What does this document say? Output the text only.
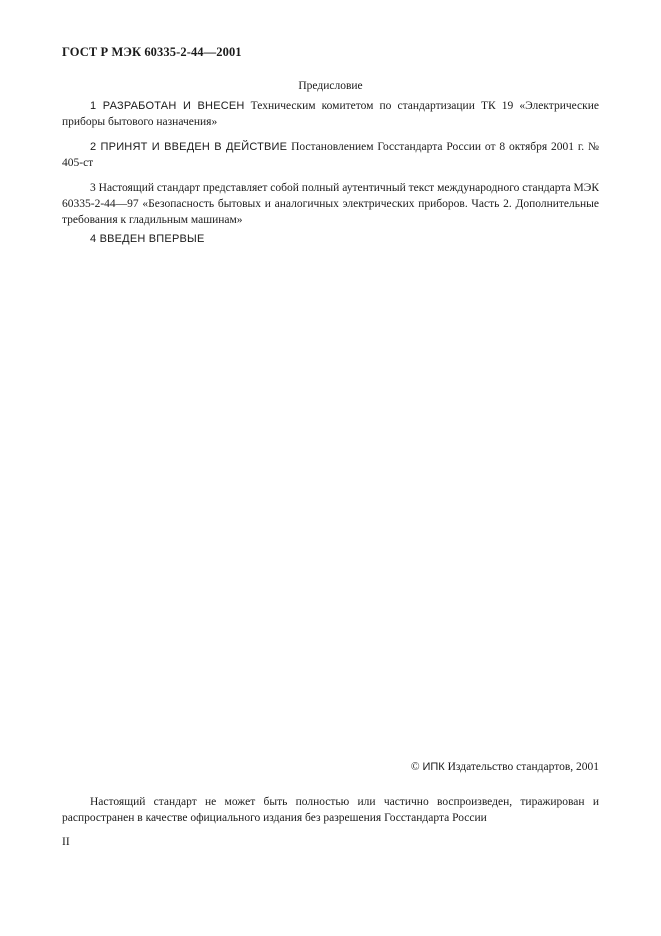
ГОСТ Р МЭК 60335-2-44—2001
Предисловие
1 РАЗРАБОТАН И ВНЕСЕН Техническим комитетом по стандартизации ТК 19 «Электрические приборы бытового назначения»
2 ПРИНЯТ И ВВЕДЕН В ДЕЙСТВИЕ Постановлением Госстандарта России от 8 октября 2001 г. № 405-ст
3 Настоящий стандарт представляет собой полный аутентичный текст международного стандарта МЭК 60335-2-44—97 «Безопасность бытовых и аналогичных электрических приборов. Часть 2. Дополнительные требования к гладильным машинам»
4 ВВЕДЕН ВПЕРВЫЕ
© ИПК Издательство стандартов, 2001
Настоящий стандарт не может быть полностью или частично воспроизведен, тиражирован и распространен в качестве официального издания без разрешения Госстандарта России
II
